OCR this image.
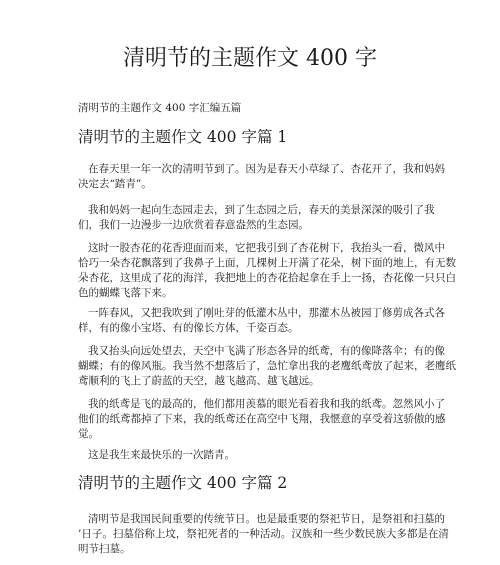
清明节的主题作文 400 字

清明节的主题作文 400 字汇编五篇

清明节的主题作文 400 字篇 1

在春天里一年一次的清明节到了。因为是春天小草绿了、杏花开了，我和妈妈
决定去“踏青”。

我和妈妈一起向生态园走去，到了生态园之后，春天的美景深深的吸引了我
们，我们一边漫步一边欣赏着春意盎然的生态园。

这时一股杏花的花香迎面而来，它把我引到了杏花树下，我抬头一看，微风中
恰巧一朵杏花飘落到了我鼻子上面，几棵树上开满了花朵，树下面的地上，有无数
朵杏花，这里成了花的海洋，我把地上的杏花拾起拿在手上一扬，杏花像一只只白
色的蝴蝶飞落下来。

一阵春风，又把我吹到了刚吐芽的低灌木丛中，那灌木丛被园丁修剪成各式各
样，有的像小宝塔、有的像长方体，千姿百态。

我又抬头向远处望去，天空中飞满了形态各异的纸鸢，有的像降落伞；有的像
蝴蝶；有的像风瓶。我当然不想落后了，急忙拿出我的老鹰纸鸢放了起来，老鹰纸
鸢顺利的飞上了蔚蓝的天空，越飞越高、越飞越远。

我的纸鸢是飞的最高的，他们都用羡慕的眼光看着我和我的纸鸢。忽然风小了
他们的纸鸢都掉了下来，我的纸鸢还在高空中飞翔，我惬意的享受着这骄傲的感
觉。

这是我生来最快乐的一次踏青。

清明节的主题作文 400 字篇 2

清明节是我国民间重要的传统节日。也是最重要的祭祀节日，是祭祖和扫墓的
’日子。扫墓俗称上坟，祭祀死者的一种活动。汉族和一些少数民族大多都是在清
明节扫墓。
